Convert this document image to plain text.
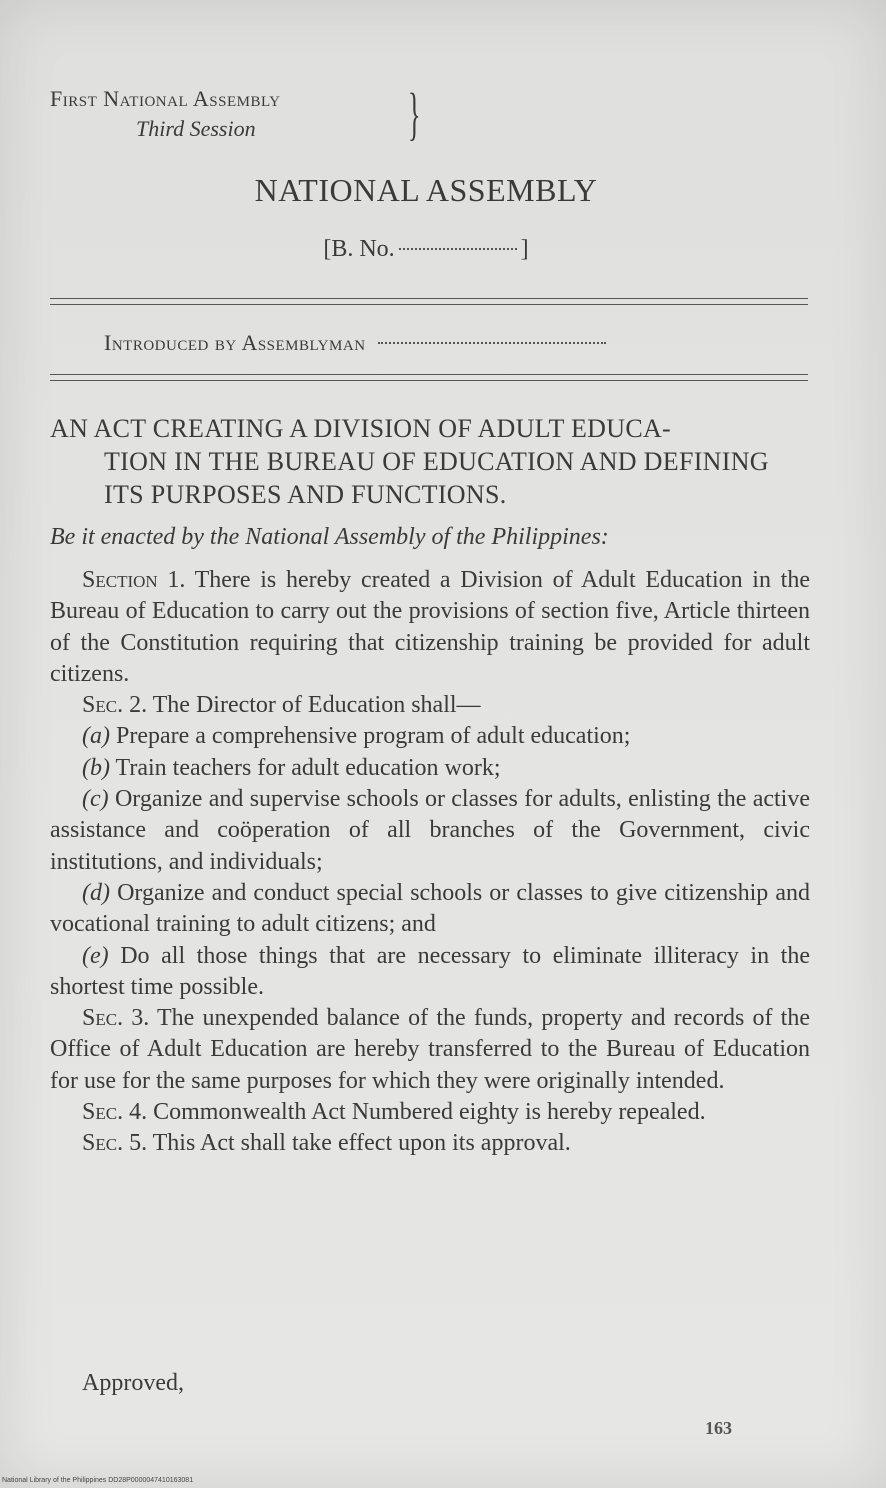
First National Assembly
Third Session	}
NATIONAL ASSEMBLY
[B. No.	]
Introduced by Assemblyman
AN ACT CREATING A DIVISION OF ADULT EDUCA-
TION IN THE BUREAU OF EDUCATION AND DEFINING ITS PURPOSES AND FUNCTIONS.
Be it enacted by the National Assembly of the Philippines:

Section 1. There is hereby created a Division of Adult Education in the Bureau of Education to carry out the provisions of section five, Article thirteen of the Constitution requiring that citizenship training be provided for adult citizens.

Sec. 2. The Director of Education shall—

(a) Prepare a comprehensive program of adult education;

(b) Train teachers for adult education work;

(c) Organize and supervise schools or classes for adults, enlisting the active assistance and coöperation of all branches of the Government, civic institutions, and individuals;

(d) Organize and conduct special schools or classes to give citizenship and vocational training to adult citizens; and

(e) Do all those things that are necessary to eliminate illiteracy in the shortest time possible.

Sec. 3. The unexpended balance of the funds, property and records of the Office of Adult Education are hereby transferred to the Bureau of Education for use for the same purposes for which they were originally intended.

Sec. 4. Commonwealth Act Numbered eighty is hereby repealed.

Sec. 5. This Act shall take effect upon its approval.

Approved,
163
National Library of the Philippines DD28P0000047410163081
